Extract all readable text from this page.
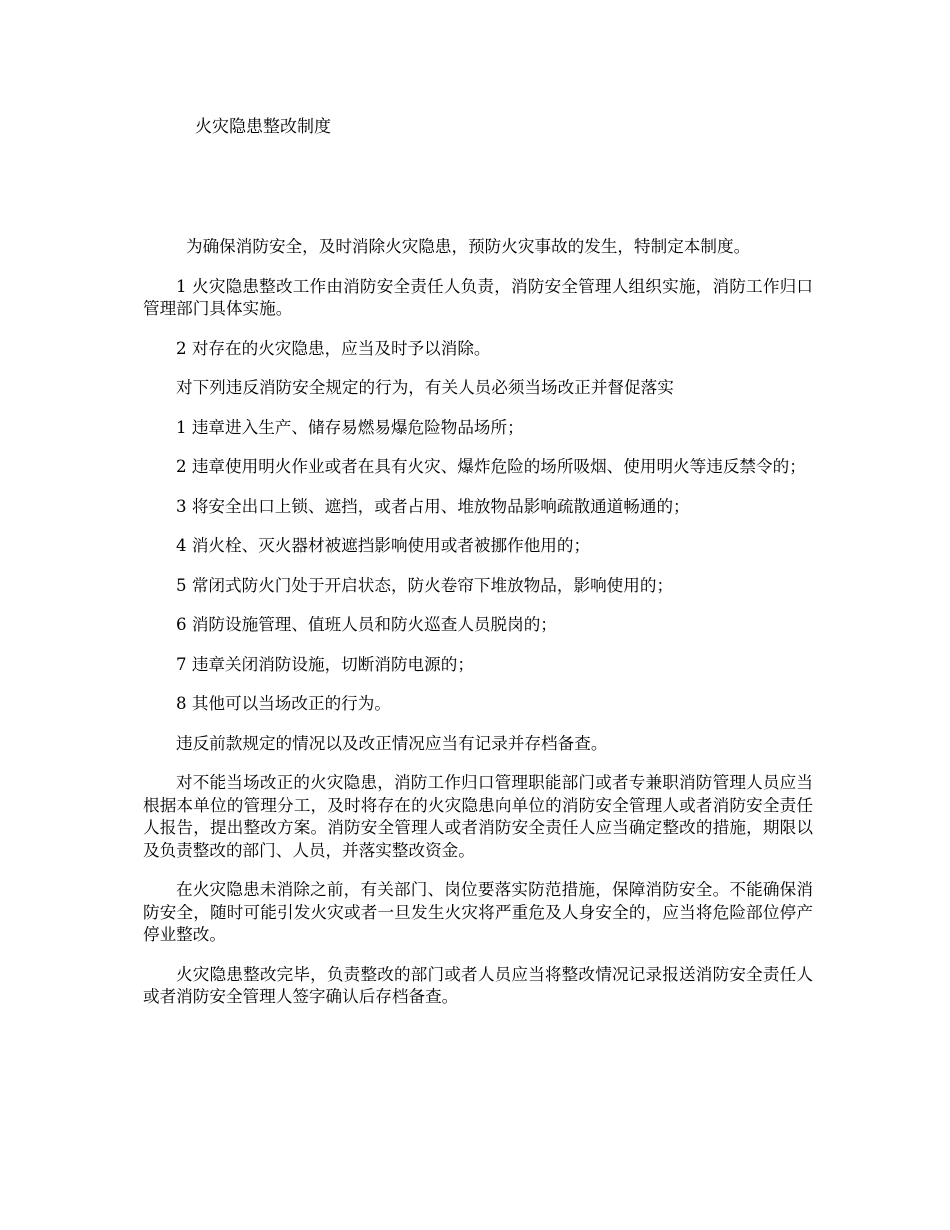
火灾隐患整改制度

为确保消防安全，及时消除火灾隐患，预防火灾事故的发生，特制定本制度。

1 火灾隐患整改工作由消防安全责任人负责，消防安全管理人组织实施，消防工作归口管理部门具体实施。

2 对存在的火灾隐患，应当及时予以消除。

对下列违反消防安全规定的行为，有关人员必须当场改正并督促落实

1 违章进入生产、储存易燃易爆危险物品场所；

2 违章使用明火作业或者在具有火灾、爆炸危险的场所吸烟、使用明火等违反禁令的；

3 将安全出口上锁、遮挡，或者占用、堆放物品影响疏散通道畅通的；

4 消火栓、灭火器材被遮挡影响使用或者被挪作他用的；

5 常闭式防火门处于开启状态，防火卷帘下堆放物品，影响使用的；

6 消防设施管理、值班人员和防火巡查人员脱岗的；

7 违章关闭消防设施，切断消防电源的；

8 其他可以当场改正的行为。

违反前款规定的情况以及改正情况应当有记录并存档备查。

对不能当场改正的火灾隐患，消防工作归口管理职能部门或者专兼职消防管理人员应当根据本单位的管理分工，及时将存在的火灾隐患向单位的消防安全管理人或者消防安全责任人报告，提出整改方案。消防安全管理人或者消防安全责任人应当确定整改的措施，期限以及负责整改的部门、人员，并落实整改资金。

在火灾隐患未消除之前，有关部门、岗位要落实防范措施，保障消防安全。不能确保消防安全，随时可能引发火灾或者一旦发生火灾将严重危及人身安全的，应当将危险部位停产停业整改。

火灾隐患整改完毕，负责整改的部门或者人员应当将整改情况记录报送消防安全责任人或者消防安全管理人签字确认后存档备查。
